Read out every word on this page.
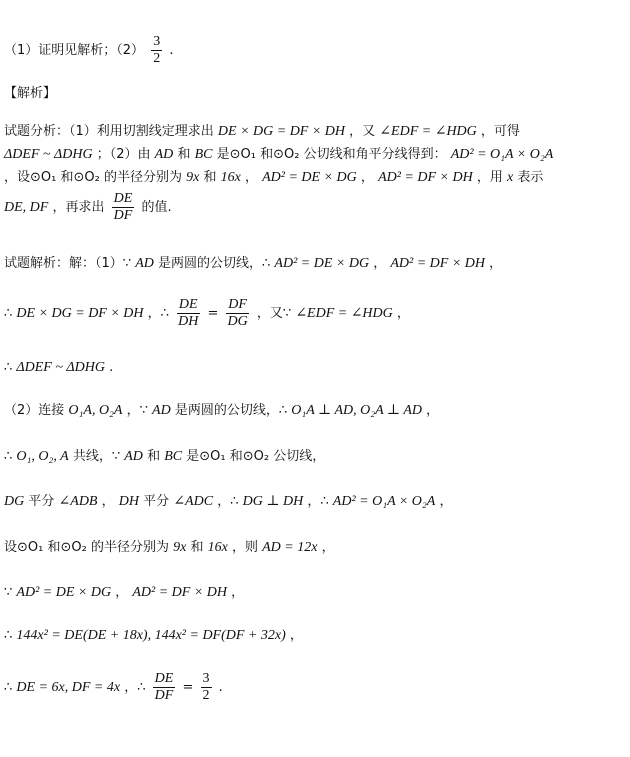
（1）证明见解析；$(2) \frac{3}{2}$ .
【解析】
试题分析：（1）利用切割线定理求出 DE × DG = DF × DH ，又 ∠EDF = ∠HDG ，可得
ΔDEF ~ ΔDHG ；（2）由 AD 和 BC 是⊙O₁ 和⊙O₂ 公切线和角平分线得到： AD² = O₁A × O₂A
，设⊙O₁ 和⊙O₂ 的半径分别为 9x 和 16x ， AD² = DE × DG ， AD² = DF × DH ，用 x 表示
DE, DF ，再求出 $\frac{DE}{DF}$ 的值.
试题解析：解：（1）∵ AD 是两圆的公切线，∴ AD² = DE × DG ， AD² = DF × DH ，
∴ DE × DG = DF × DH ，∴ $\frac{DE}{DH} = \frac{DF}{DG}$ ，又∵ ∠EDF = ∠HDG ，
∴ ΔDEF ~ ΔDHG .
（2）连接 O₁A, O₂A ，∵ AD 是两圆的公切线，∴ O₁A ⊥ AD, O₂A ⊥ AD ，
∴ O₁, O₂, A 共线，∵ AD 和 BC 是⊙O₁ 和⊙O₂ 公切线，
DG 平分 ∠ADB ， DH 平分 ∠ADC ，∴ DG ⊥ DH ，∴ AD² = O₁A × O₂A ，
设⊙O₁ 和⊙O₂ 的半径分别为 9x 和 16x ，则 AD = 12x ，
∵ AD² = DE × DG ， AD² = DF × DH ，
∴ 144x² = DE(DE + 18x), 144x² = DF(DF + 32x) ，
∴ DE = 6x, DF = 4x ，∴ $\frac{DE}{DF} = \frac{3}{2}$ .
